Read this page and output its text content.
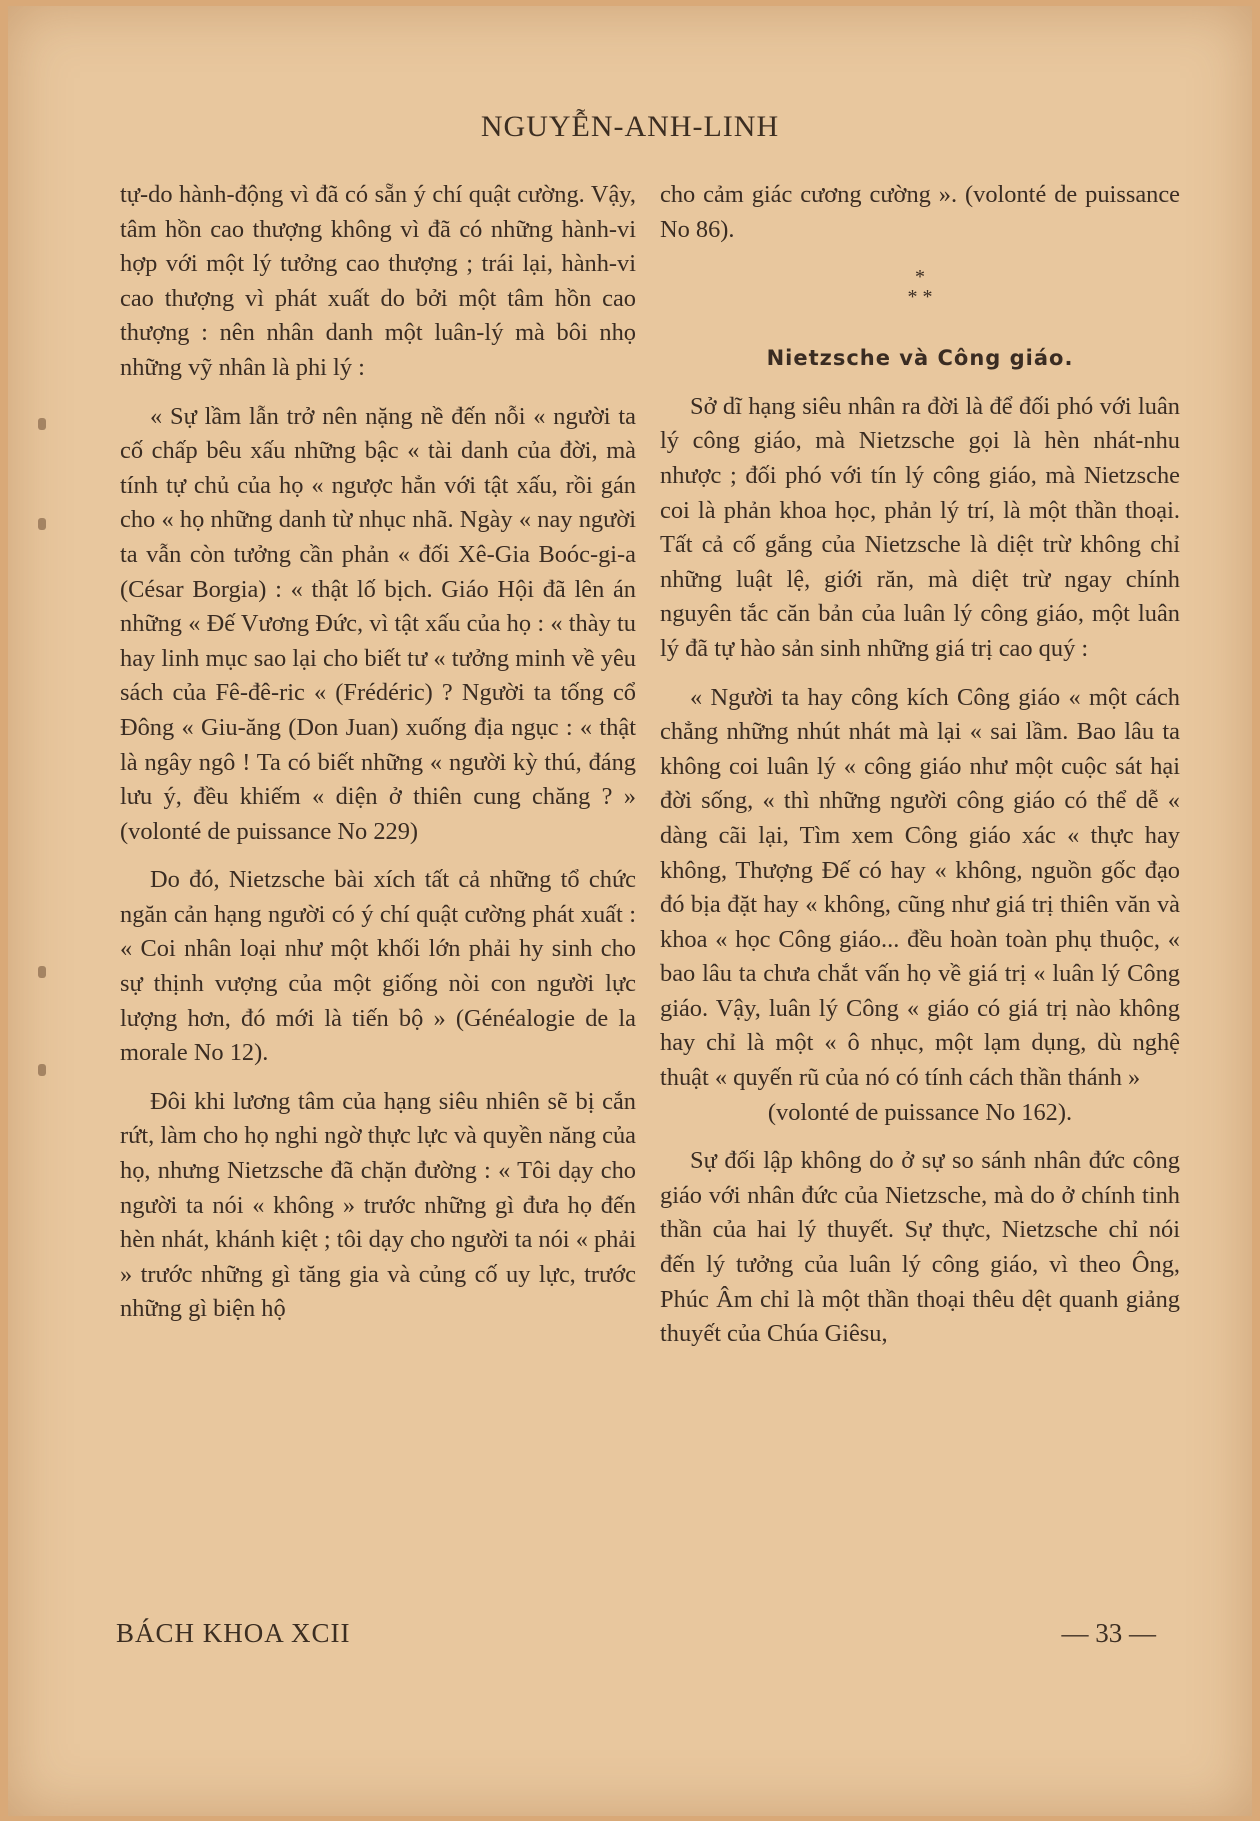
NGUYỄN-ANH-LINH

tự-do hành-động vì đã có sẵn ý chí quật cường. Vậy, tâm hồn cao thượng không vì đã có những hành-vi hợp với một lý tưởng cao thượng ; trái lại, hành-vi cao thượng vì phát xuất do bởi một tâm hồn cao thượng : nên nhân danh một luân-lý mà bôi nhọ những vỹ nhân là phi lý :

« Sự lầm lẫn trở nên nặng nề đến nỗi « người ta cố chấp bêu xấu những bậc « tài danh của đời, mà tính tự chủ của họ « ngược hẳn với tật xấu, rồi gán cho « họ những danh từ nhục nhã. Ngày « nay người ta vẫn còn tưởng cần phản « đối Xê-Gia Boóc-gi-a (César Borgia) : « thật lố bịch. Giáo Hội đã lên án những « Đế Vương Đức, vì tật xấu của họ : « thày tu hay linh mục sao lại cho biết tư « tưởng minh về yêu sách của Fê-đê-ric « (Frédéric) ? Người ta tống cổ Đông « Giu-ăng (Don Juan) xuống địa ngục : « thật là ngây ngô ! Ta có biết những « người kỳ thú, đáng lưu ý, đều khiếm « diện ở thiên cung chăng ? » (volonté de puissance No 229)

Do đó, Nietzsche bài xích tất cả những tổ chức ngăn cản hạng người có ý chí quật cường phát xuất : « Coi nhân loại như một khối lớn phải hy sinh cho sự thịnh vượng của một giống nòi con người lực lượng hơn, đó mới là tiến bộ » (Généalogie de la morale No 12).

Đôi khi lương tâm của hạng siêu nhiên sẽ bị cắn rứt, làm cho họ nghi ngờ thực lực và quyền năng của họ, nhưng Nietzsche đã chặn đường : « Tôi dạy cho người ta nói « không » trước những gì đưa họ đến hèn nhát, khánh kiệt ; tôi dạy cho người ta nói « phải » trước những gì tăng gia và củng cố uy lực, trước những gì biện hộ

cho cảm giác cương cường ». (volonté de puissance No 86).

*
* *
Nietzsche và Công giáo.

Sở dĩ hạng siêu nhân ra đời là để đối phó với luân lý công giáo, mà Nietzsche gọi là hèn nhát-nhu nhược ; đối phó với tín lý công giáo, mà Nietzsche coi là phản khoa học, phản lý trí, là một thần thoại. Tất cả cố gắng của Nietzsche là diệt trừ không chỉ những luật lệ, giới răn, mà diệt trừ ngay chính nguyên tắc căn bản của luân lý công giáo, một luân lý đã tự hào sản sinh những giá trị cao quý :

« Người ta hay công kích Công giáo « một cách chẳng những nhút nhát mà lại « sai lầm. Bao lâu ta không coi luân lý « công giáo như một cuộc sát hại đời sống, « thì những người công giáo có thể dễ « dàng cãi lại, Tìm xem Công giáo xác « thực hay không, Thượng Đế có hay « không, nguồn gốc đạo đó bịa đặt hay « không, cũng như giá trị thiên văn và khoa « học Công giáo... đều hoàn toàn phụ thuộc, « bao lâu ta chưa chắt vấn họ về giá trị « luân lý Công giáo. Vậy, luân lý Công « giáo có giá trị nào không hay chỉ là một « ô nhục, một lạm dụng, dù nghệ thuật « quyến rũ của nó có tính cách thần thánh »

(volonté de puissance No 162).

Sự đối lập không do ở sự so sánh nhân đức công giáo với nhân đức của Nietzsche, mà do ở chính tinh thần của hai lý thuyết. Sự thực, Nietzsche chỉ nói đến lý tưởng của luân lý công giáo, vì theo Ông, Phúc Âm chỉ là một thần thoại thêu dệt quanh giảng thuyết của Chúa Giêsu,

BÁCH KHOA XCII	— 33 —
